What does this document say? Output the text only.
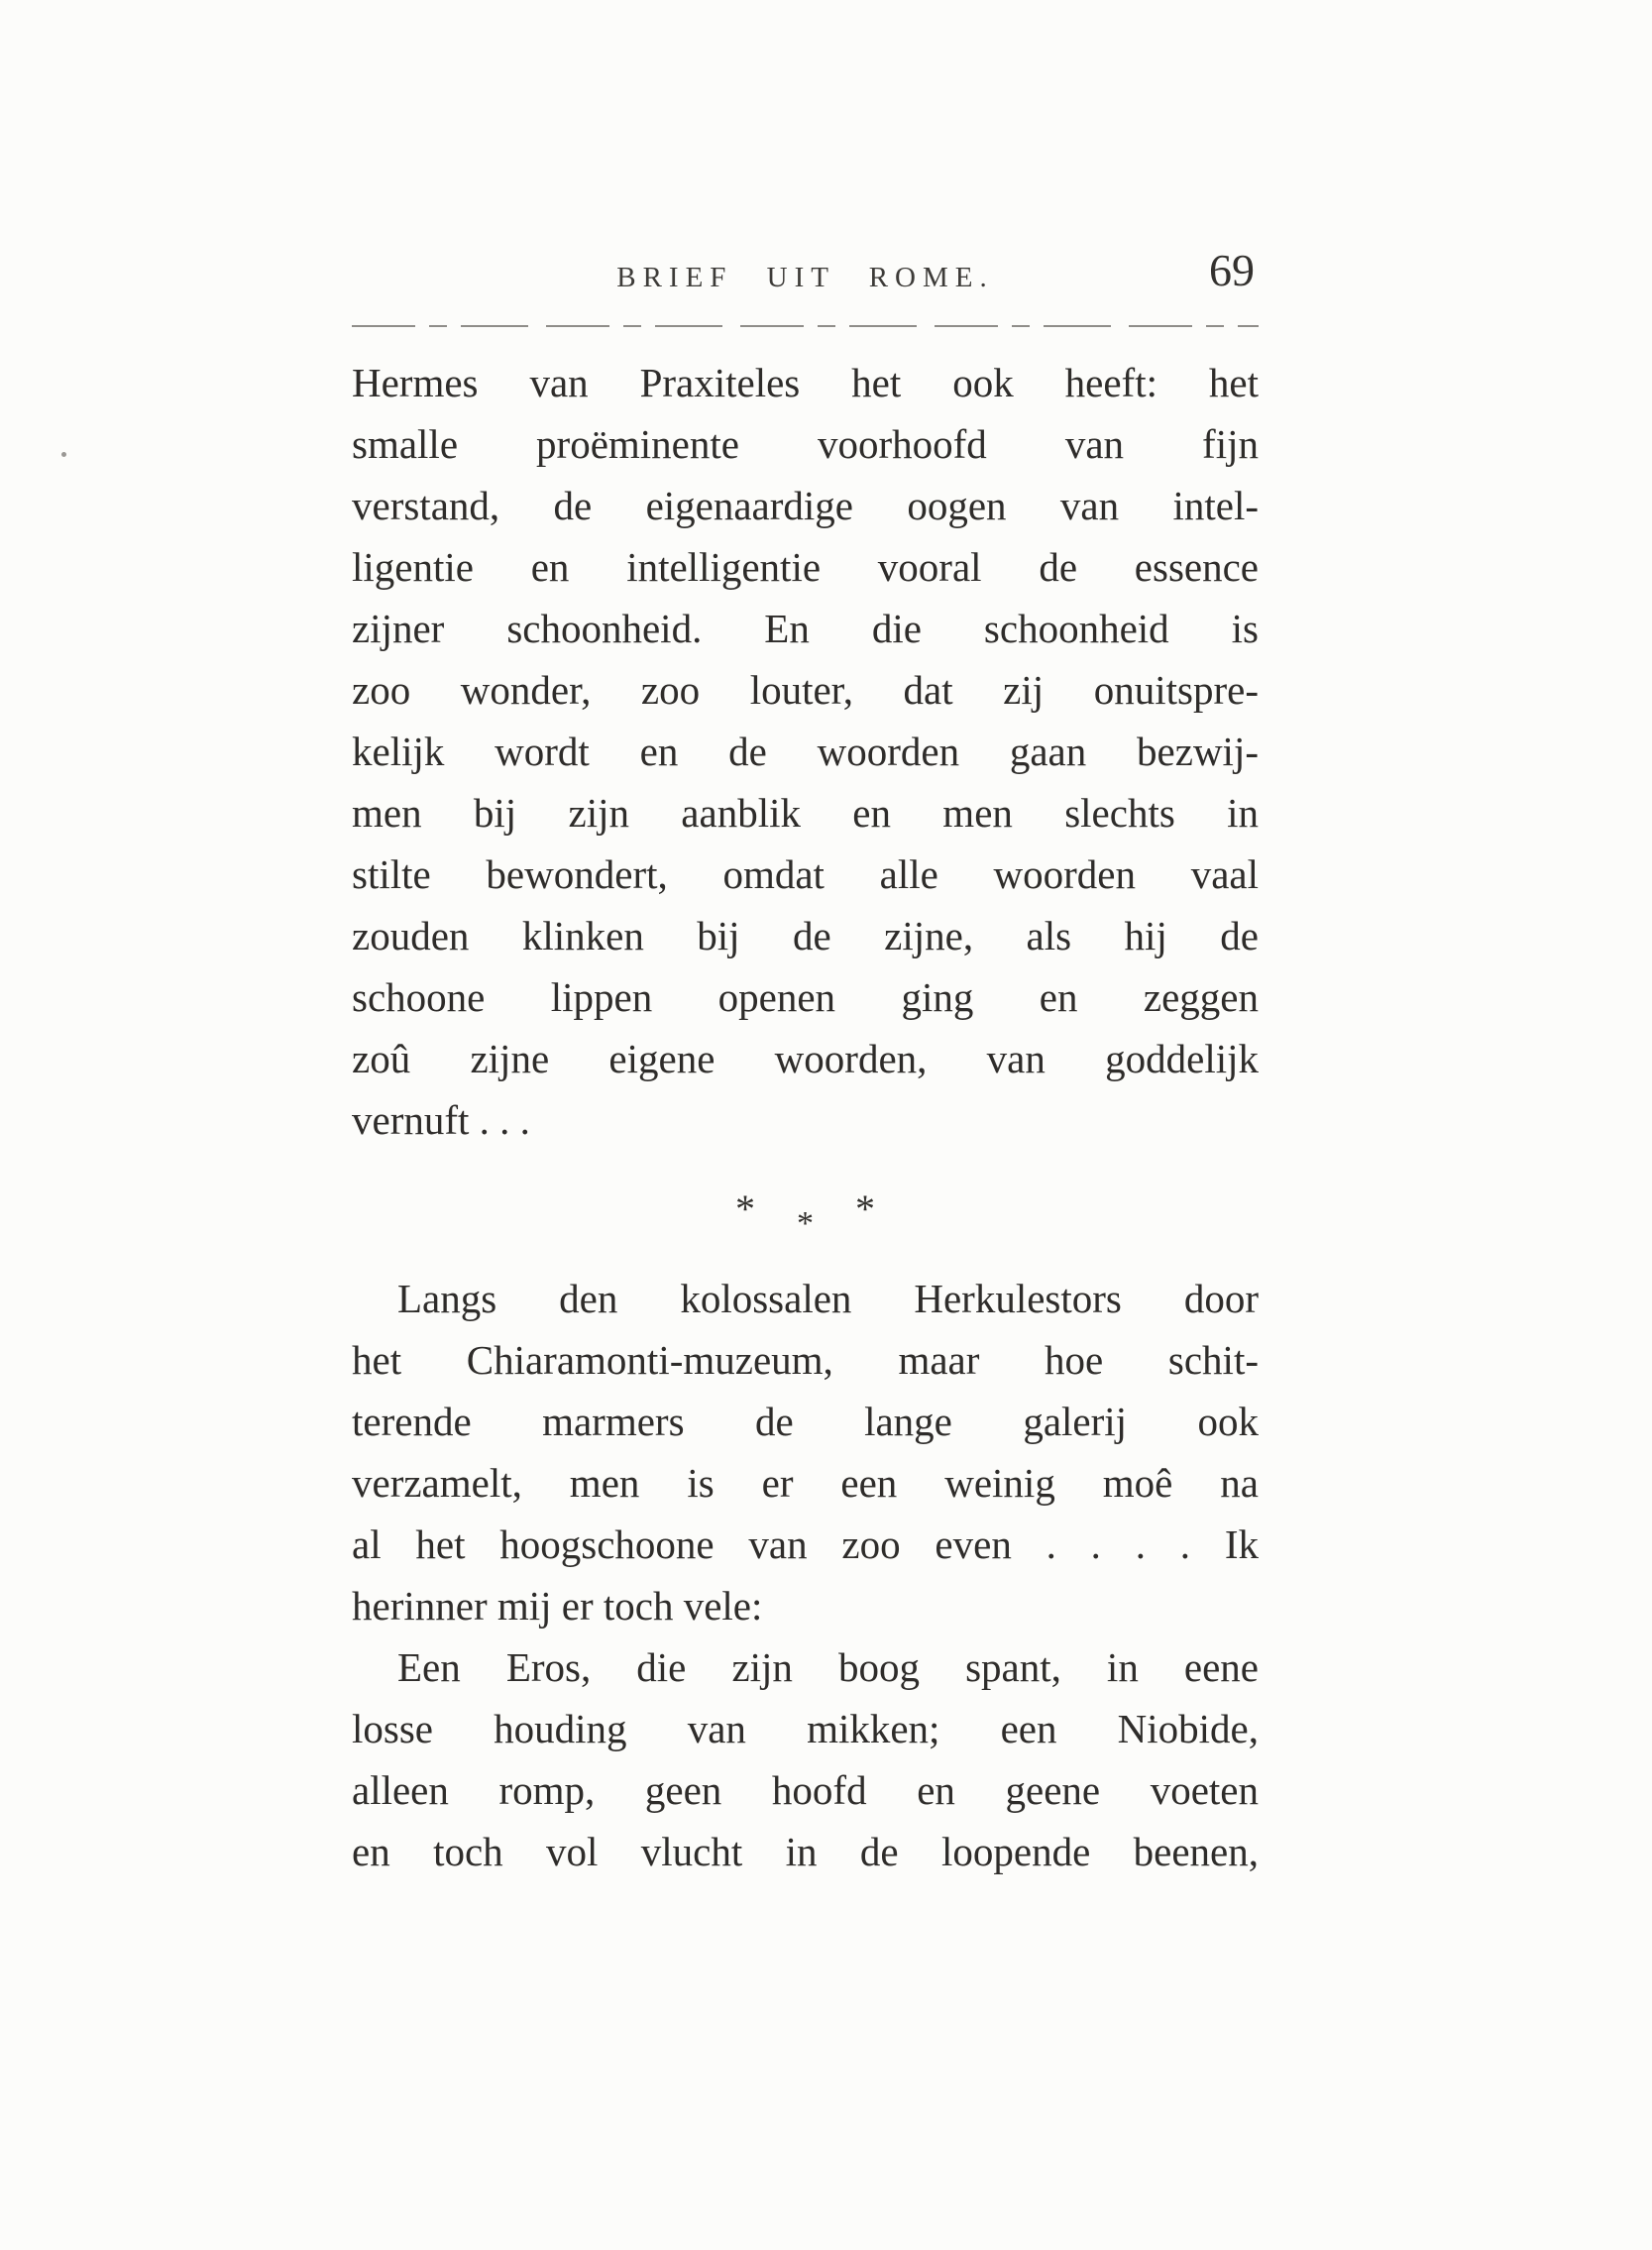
BRIEF UIT ROME.	69
Hermes van Praxiteles het ook heeft: het
smalle proëminente voorhoofd van fijn
verstand, de eigenaardige oogen van intel-
ligentie en intelligentie vooral de essence
zijner schoonheid. En die schoonheid is
zoo wonder, zoo louter, dat zij onuitspre-
kelijk wordt en de woorden gaan bezwij-
men bij zijn aanblik en men slechts in
stilte bewondert, omdat alle woorden vaal
zouden klinken bij de zijne, als hij de
schoone lippen openen ging en zeggen
zoû zijne eigene woorden, van goddelijk
vernuft . . .
* * *
Langs den kolossalen Herkulestors door
het Chiaramonti-muzeum, maar hoe schit-
terende marmers de lange galerij ook
verzamelt, men is er een weinig moê na
al het hoogschoone van zoo even . . . . Ik
herinner mij er toch vele:
Een Eros, die zijn boog spant, in eene
losse houding van mikken; een Niobide,
alleen romp, geen hoofd en geene voeten
en toch vol vlucht in de loopende beenen,
